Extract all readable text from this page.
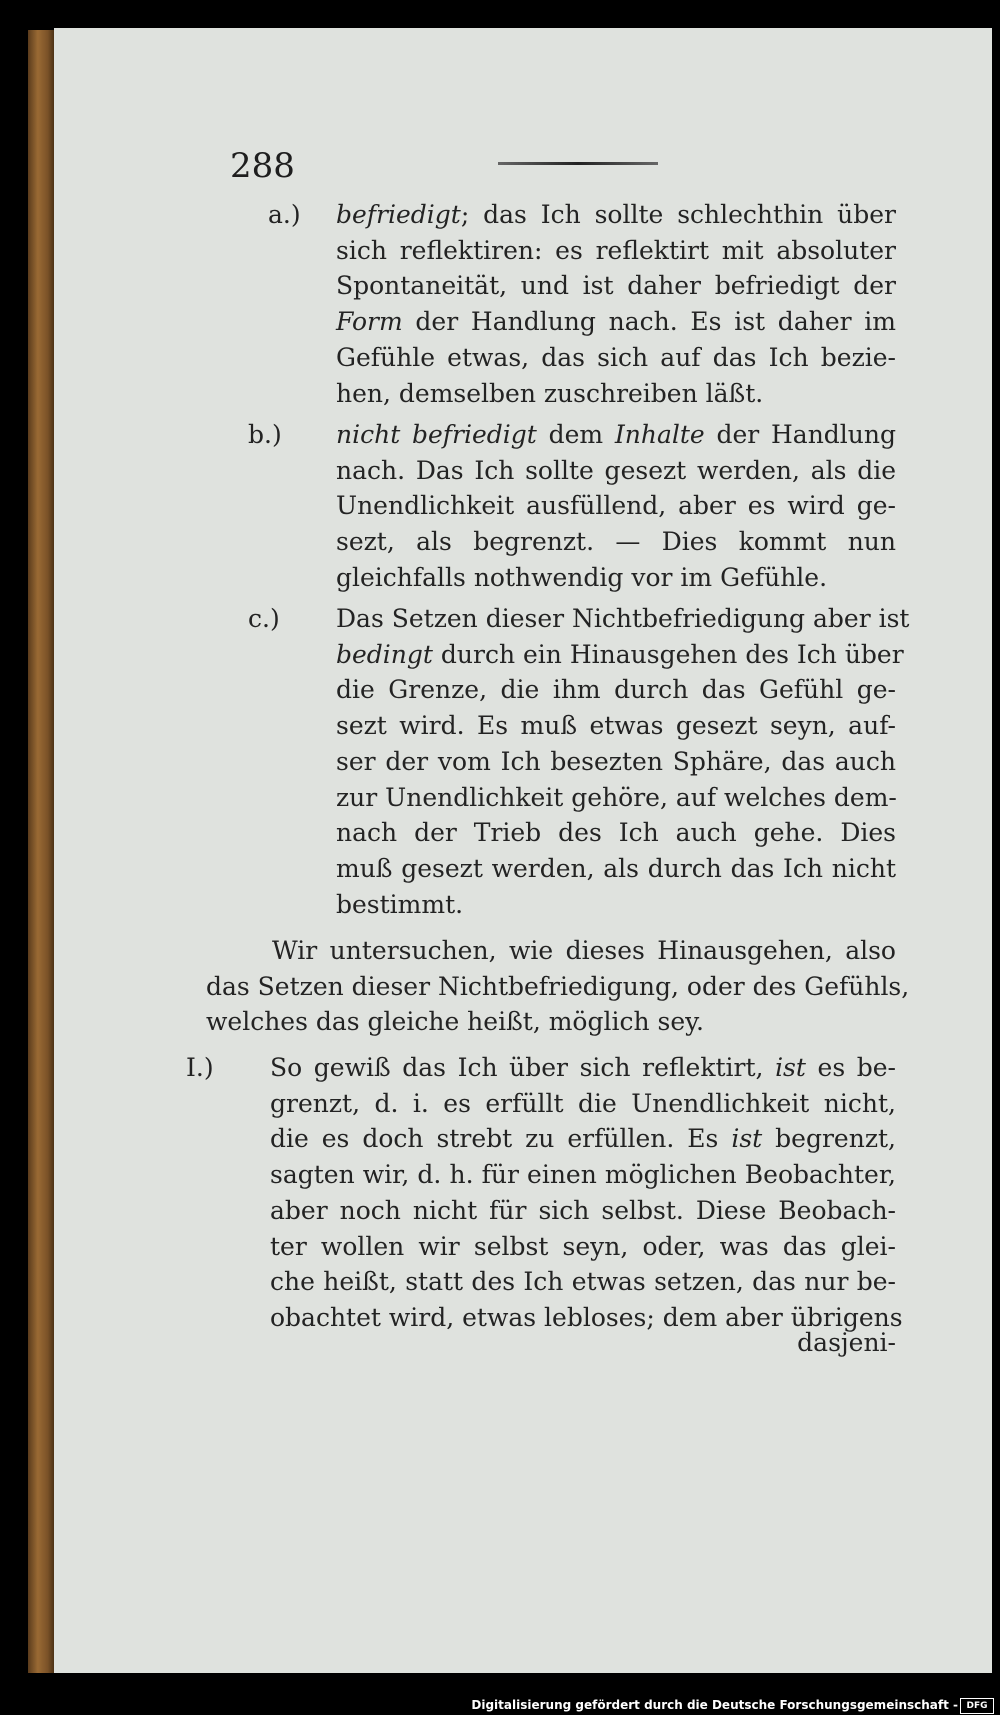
288
a.) befriedigt; das Ich sollte schlechthin über
sich reflektiren: es reflektirt mit absoluter
Spontaneität, und ist daher befriedigt der
Form der Handlung nach. Es ist daher im
Gefühle etwas, das sich auf das Ich bezie-
hen, demselben zuschreiben läßt.
b.) nicht befriedigt dem Inhalte der Handlung
nach. Das Ich sollte gesezt werden, als die
Unendlichkeit ausfüllend, aber es wird ge-
sezt, als begrenzt. — Dies kommt nun
gleichfalls nothwendig vor im Gefühle.
c.) Das Setzen dieser Nichtbefriedigung aber ist
bedingt durch ein Hinausgehen des Ich über
die Grenze, die ihm durch das Gefühl ge-
sezt wird. Es muß etwas gesezt seyn, auf-
ser der vom Ich besezten Sphäre, das auch
zur Unendlichkeit gehöre, auf welches dem-
nach der Trieb des Ich auch gehe. Dies
muß gesezt werden, als durch das Ich nicht
bestimmt.
Wir untersuchen, wie dieses Hinausgehen, also
das Setzen dieser Nichtbefriedigung, oder des Gefühls,
welches das gleiche heißt, möglich sey.
I.) So gewiß das Ich über sich reflektirt, ist es be-
grenzt, d. i. es erfüllt die Unendlichkeit nicht,
die es doch strebt zu erfüllen. Es ist begrenzt,
sagten wir, d. h. für einen möglichen Beobachter,
aber noch nicht für sich selbst. Diese Beobach-
ter wollen wir selbst seyn, oder, was das glei-
che heißt, statt des Ich etwas setzen, das nur be-
obachtet wird, etwas lebloses; dem aber übrigens
dasjeni-
Digitalisierung gefördert durch die Deutsche Forschungsgemeinschaft - DFG
